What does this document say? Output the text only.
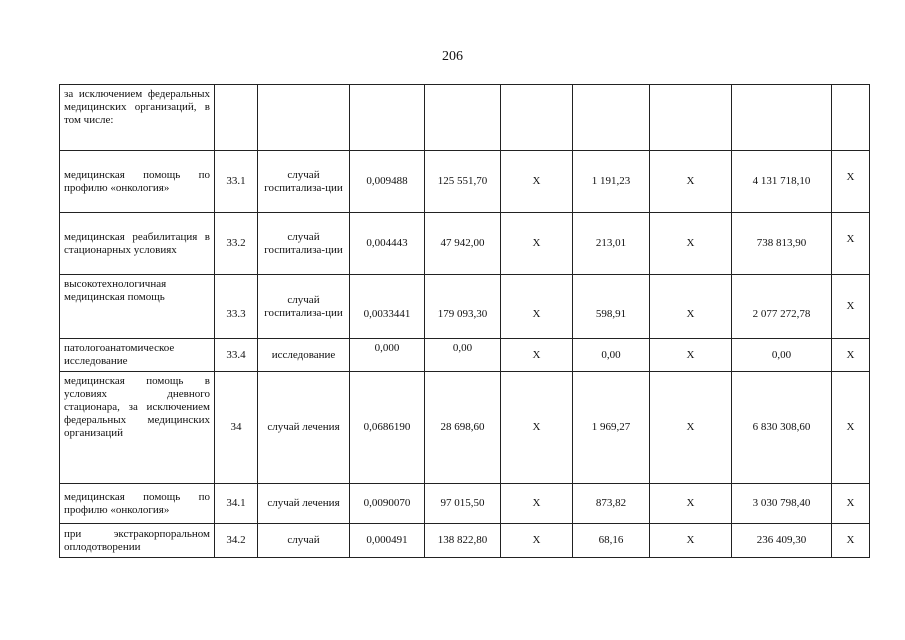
206
за исключением федеральных медицинских организаций, в том числе:									
медицинская помощь по профилю «онкология»	33.1	случай госпитализа-ции	0,009488	125 551,70	Х	1 191,23	Х	4 131 718,10	Х
медицинская реабилитация в стационарных условиях	33.2	случай госпитализа-ции	0,004443	47 942,00	Х	213,01	Х	738 813,90	Х
высокотехнологичная медицинская помощь	33.3	случай госпитализа-ции	0,0033441	179 093,30	Х	598,91	Х	2 077 272,78	Х
патологоанатомическое исследование	33.4	исследование	0,000	0,00	Х	0,00	Х	0,00	Х
медицинская помощь в условиях дневного стационара, за исключением федеральных медицинских организаций	34	случай лечения	0,0686190	28 698,60	Х	1 969,27	Х	6 830 308,60	Х
медицинская помощь по профилю «онкология»	34.1	случай лечения	0,0090070	97 015,50	Х	873,82	Х	3 030 798,40	Х
при экстракорпоральном оплодотворении	34.2	случай	0,000491	138 822,80	Х	68,16	Х	236 409,30	Х
